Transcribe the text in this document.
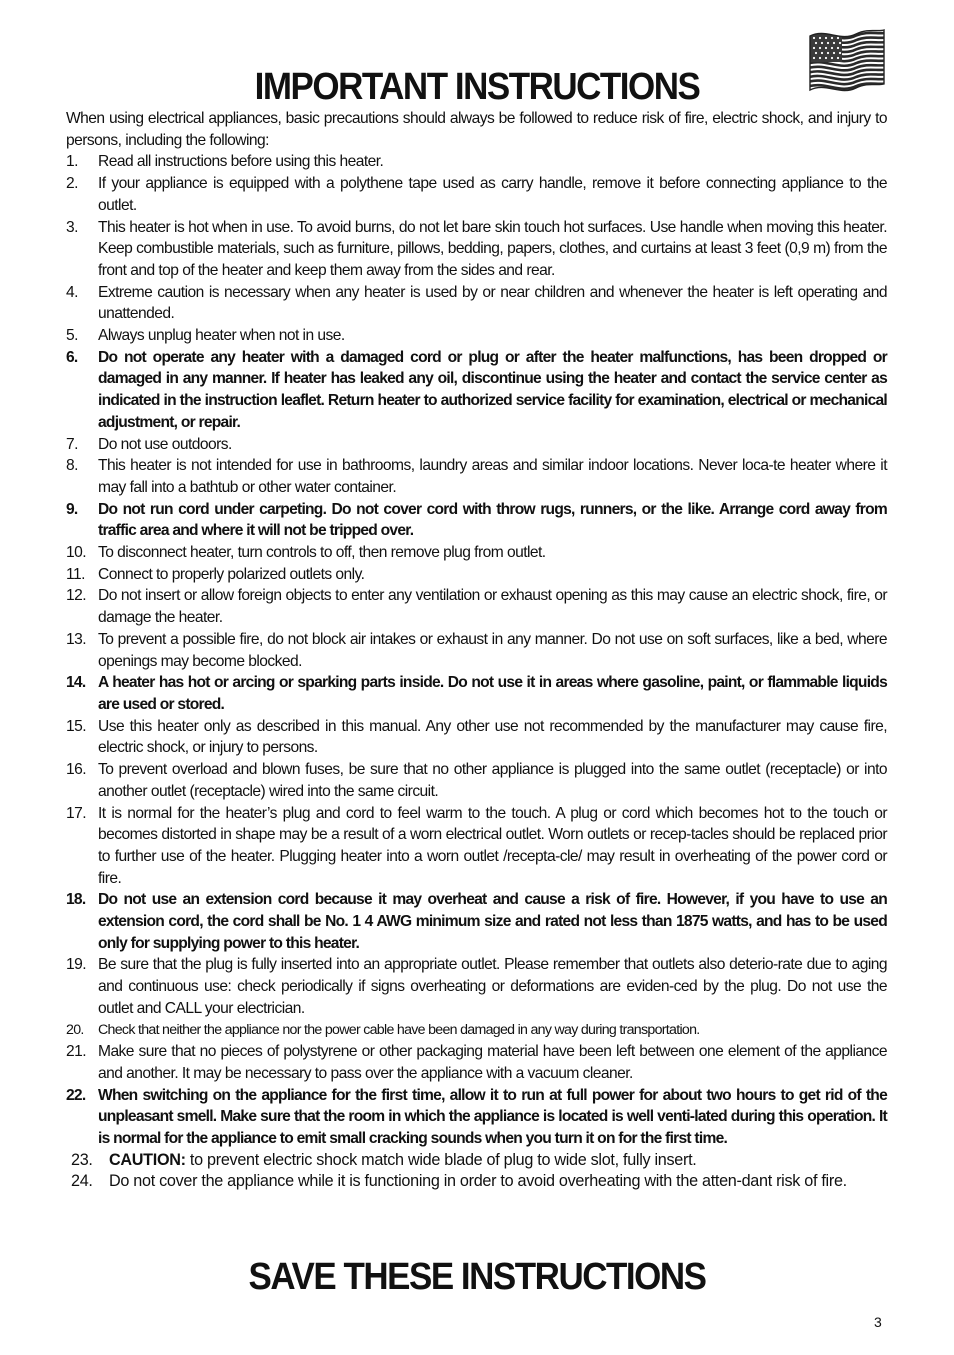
IMPORTANT INSTRUCTIONS

When using electrical appliances, basic precautions should always be followed to reduce risk of fire, electric shock, and injury to persons, including the following:

1. Read all instructions before using this heater.
2. If your appliance is equipped with a polythene tape used as carry handle, remove it before connecting appliance to the outlet.
3. This heater is hot when in use. To avoid burns, do not let bare skin touch hot surfaces. Use handle when moving this heater. Keep combustible materials, such as furniture, pillows, bedding, papers, clothes, and curtains at least 3 feet (0,9 m) from the front and top of the heater and keep them away from the sides and rear.
4. Extreme caution is necessary when any heater is used by or near children and whenever the heater is left operating and unattended.
5. Always unplug heater when not in use.
6. Do not operate any heater with a damaged cord or plug or after the heater malfunctions, has been dropped or damaged in any manner. If heater has leaked any oil, discontinue using the heater and contact the service center as indicated in the instruction leaflet. Return heater to authorized service facility for examination, electrical or mechanical adjustment, or repair.
7. Do not use outdoors.
8. This heater is not intended for use in bathrooms, laundry areas and similar indoor locations. Never loca-te heater where it may fall into a bathtub or other water container.
9. Do not run cord under carpeting. Do not cover cord with throw rugs, runners, or the like. Arrange cord away from traffic area and where it will not be tripped over.
10. To disconnect heater, turn controls to off, then remove plug from outlet.
11. Connect to properly polarized outlets only.
12. Do not insert or allow foreign objects to enter any ventilation or exhaust opening as this may cause an electric shock, fire, or damage the heater.
13. To prevent a possible fire, do not block air intakes or exhaust in any manner. Do not use on soft surfaces, like a bed, where openings may become blocked.
14. A heater has hot or arcing or sparking parts inside. Do not use it in areas where gasoline, paint, or flammable liquids are used or stored.
15. Use this heater only as described in this manual. Any other use not recommended by the manufacturer may cause fire, electric shock, or injury to persons.
16. To prevent overload and blown fuses, be sure that no other appliance is plugged into the same outlet (receptacle) or into another outlet (receptacle) wired into the same circuit.
17. It is normal for the heater’s plug and cord to feel warm to the touch. A plug or cord which becomes hot to the touch or becomes distorted in shape may be a result of a worn electrical outlet. Worn outlets or recep-tacles should be replaced prior to further use of the heater. Plugging heater into a worn outlet /recepta-cle/ may result in overheating of the power cord or fire.
18. Do not use an extension cord because it may overheat and cause a risk of fire. However, if you have to use an extension cord, the cord shall be No. 1 4 AWG minimum size and rated not less than 1875 watts, and has to be used only for supplying power to this heater.
19. Be sure that the plug is fully inserted into an appropriate outlet. Please remember that outlets also deterio-rate due to aging and continuous use: check periodically if signs overheating or deformations are eviden-ced by the plug. Do not use the outlet and CALL your electrician.
20. Check that neither the appliance nor the power cable have been damaged in any way during transportation.
21. Make sure that no pieces of polystyrene or other packaging material have been left between one element of the appliance and another. It may be necessary to pass over the appliance with a vacuum cleaner.
22. When switching on the appliance for the first time, allow it to run at full power for about two hours to get rid of the unpleasant smell. Make sure that the room in which the appliance is located is well venti-lated during this operation. It is normal for the appliance to emit small cracking sounds when you turn it on for the first time.
23. CAUTION: to prevent electric shock match wide blade of plug to wide slot, fully insert.
24. Do not cover the appliance while it is functioning in order to avoid overheating with the atten-dant risk of fire.
SAVE THESE INSTRUCTIONS
3
